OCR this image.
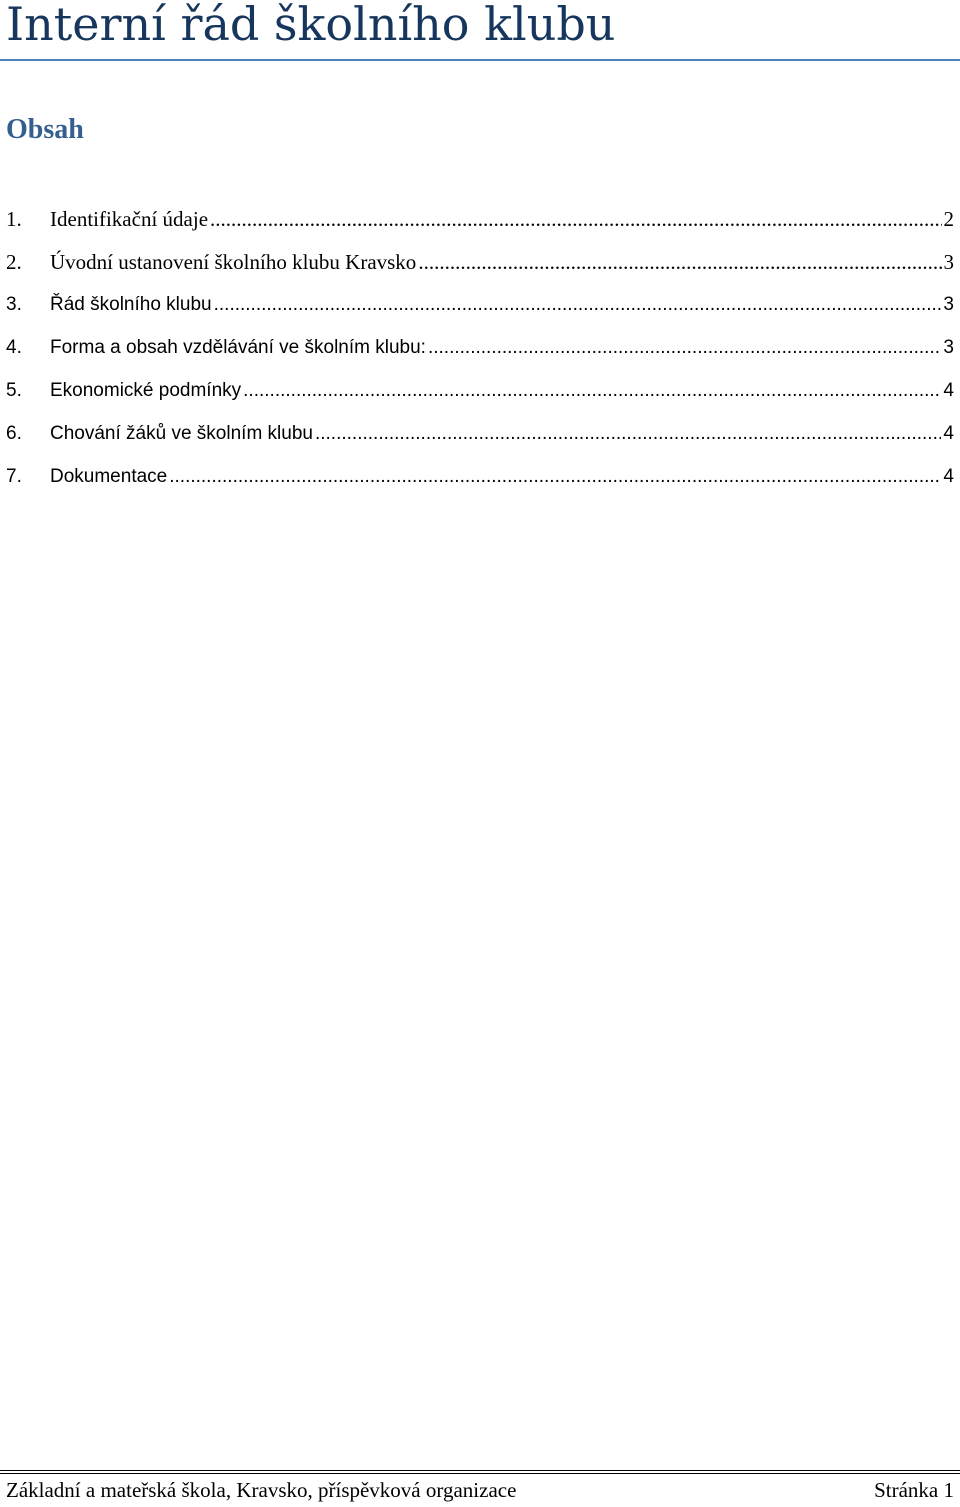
Interní řád školního klubu
Obsah
1.	Identifikační údaje .....	2
2.	Úvodní ustanovení školního klubu Kravsko .....	3
3.	Řád školního klubu .....	3
4.	Forma a obsah vzdělávání ve školním klubu: .....	3
5.	Ekonomické podmínky .....	4
6.	Chování žáků ve školním klubu .....	4
7.	Dokumentace .....	4
Základní a mateřská škola, Kravsko, příspěvková organizace	Stránka 1
